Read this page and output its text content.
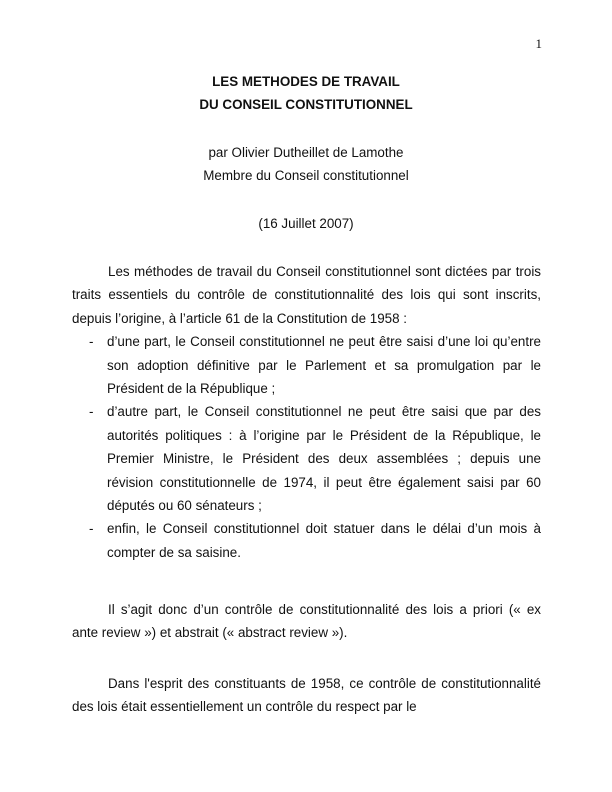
1
LES METHODES DE TRAVAIL
DU CONSEIL CONSTITUTIONNEL
par Olivier Dutheillet de Lamothe
Membre du Conseil constitutionnel
(16 Juillet 2007)

Les méthodes de travail du Conseil constitutionnel sont dictées par trois traits essentiels du contrôle de constitutionnalité des lois qui sont inscrits, depuis l’origine, à l’article 61 de la Constitution de 1958 :

- d’une part, le Conseil constitutionnel ne peut être saisi d’une loi qu’entre son adoption définitive par le Parlement et sa promulgation par le Président de la République ;
- d’autre part, le Conseil constitutionnel ne peut être saisi que par des autorités politiques : à l’origine par le Président de la République, le Premier Ministre, le Président des deux assemblées ; depuis une révision constitutionnelle de 1974, il peut être également saisi par 60 députés ou 60 sénateurs ;
- enfin, le Conseil constitutionnel doit statuer dans le délai d’un mois à compter de sa saisine.

Il s’agit donc d’un contrôle de constitutionnalité des lois a priori (« ex ante review ») et abstrait (« abstract review »).

Dans l'esprit des constituants de 1958, ce contrôle de constitutionnalité des lois était essentiellement un contrôle du respect par le
